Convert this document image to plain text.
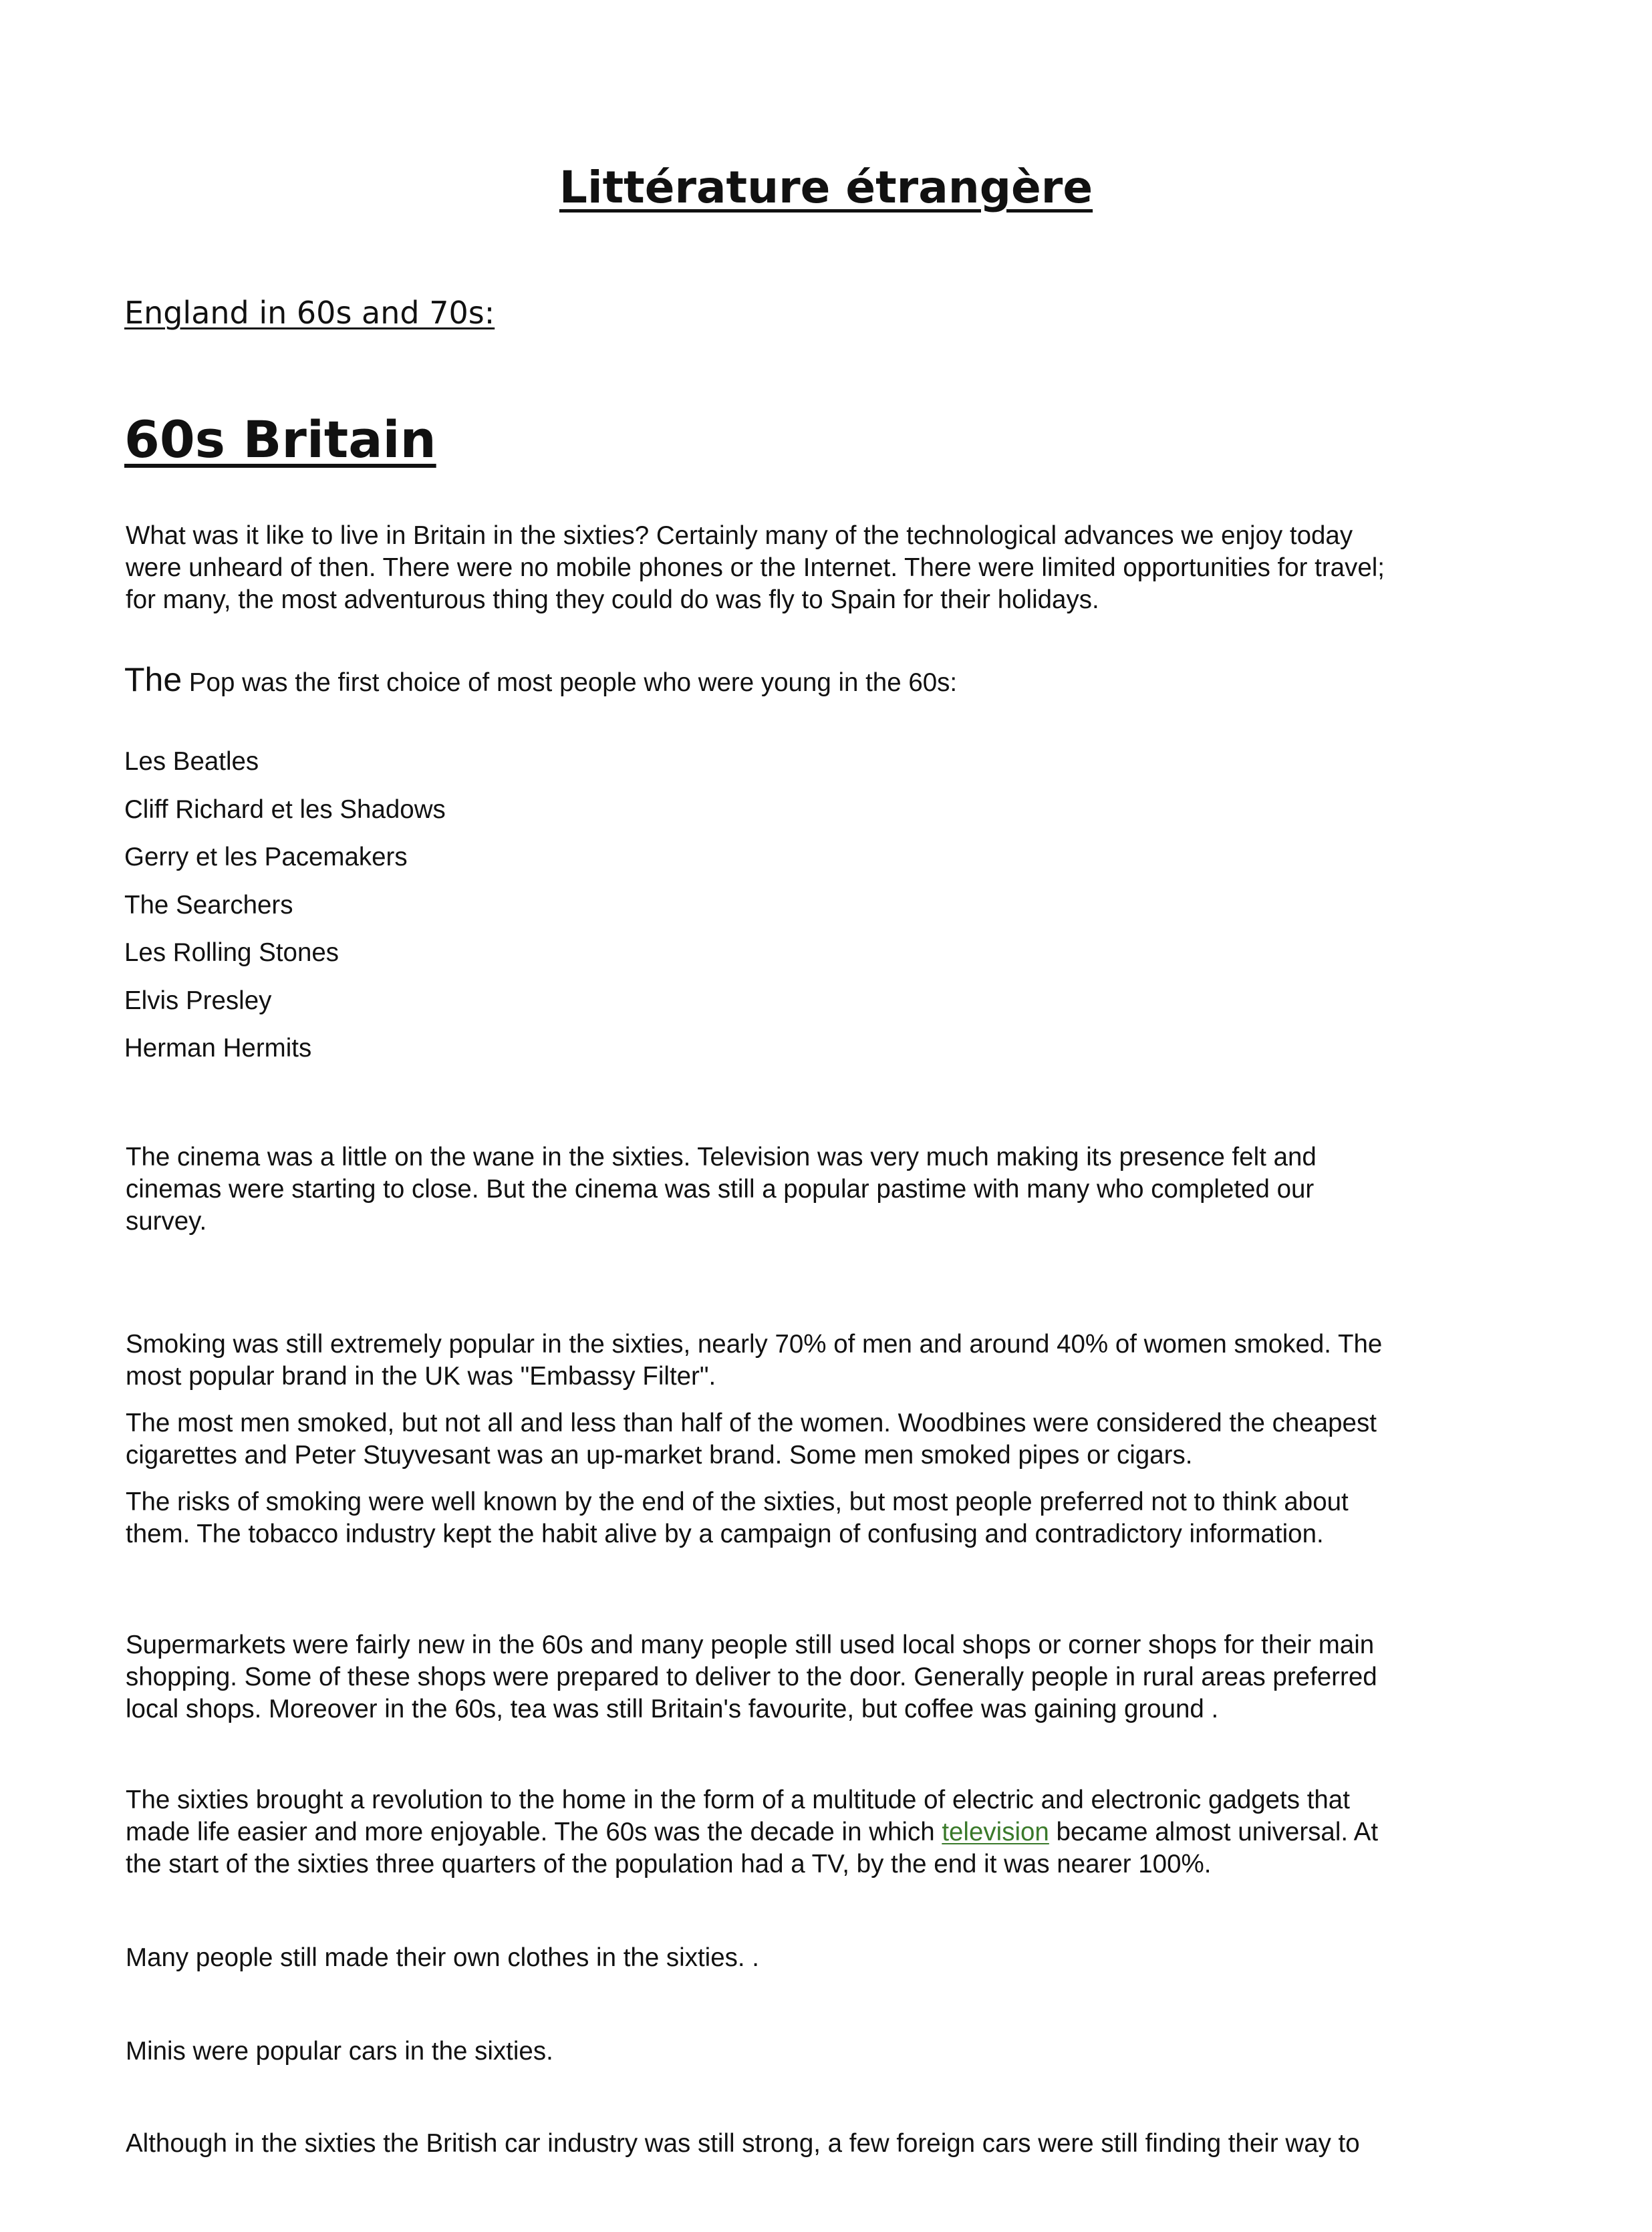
Littérature étrangère

England in 60s and 70s:

60s Britain

What was it like to live in Britain in the sixties? Certainly many of the technological advances we enjoy today
were unheard of then. There were no mobile phones or the Internet. There were limited opportunities for travel;
for many, the most adventurous thing they could do was fly to Spain for their holidays.

The Pop was the first choice of most people who were young in the 60s:

Les Beatles
Cliff Richard et les Shadows
Gerry et les Pacemakers
The Searchers
Les Rolling Stones
Elvis Presley
Herman Hermits

The cinema was a little on the wane in the sixties. Television was very much making its presence felt and
cinemas were starting to close. But the cinema was still a popular pastime with many who completed our
survey.

Smoking was still extremely popular in the sixties, nearly 70% of men and around 40% of women smoked. The
most popular brand in the UK was "Embassy Filter".

The most men smoked, but not all and less than half of the women. Woodbines were considered the cheapest
cigarettes and Peter Stuyvesant was an up-market brand. Some men smoked pipes or cigars.

The risks of smoking were well known by the end of the sixties, but most people preferred not to think about
them. The tobacco industry kept the habit alive by a campaign of confusing and contradictory information.

Supermarkets were fairly new in the 60s and many people still used local shops or corner shops for their main
shopping. Some of these shops were prepared to deliver to the door. Generally people in rural areas preferred
local shops. Moreover in the 60s, tea was still Britain's favourite, but coffee was gaining ground .

The sixties brought a revolution to the home in the form of a multitude of electric and electronic gadgets that
made life easier and more enjoyable. The 60s was the decade in which television became almost universal. At
the start of the sixties three quarters of the population had a TV, by the end it was nearer 100%.

Many people still made their own clothes in the sixties. .

Minis were popular cars in the sixties.

Although in the sixties the British car industry was still strong, a few foreign cars were still finding their way to
